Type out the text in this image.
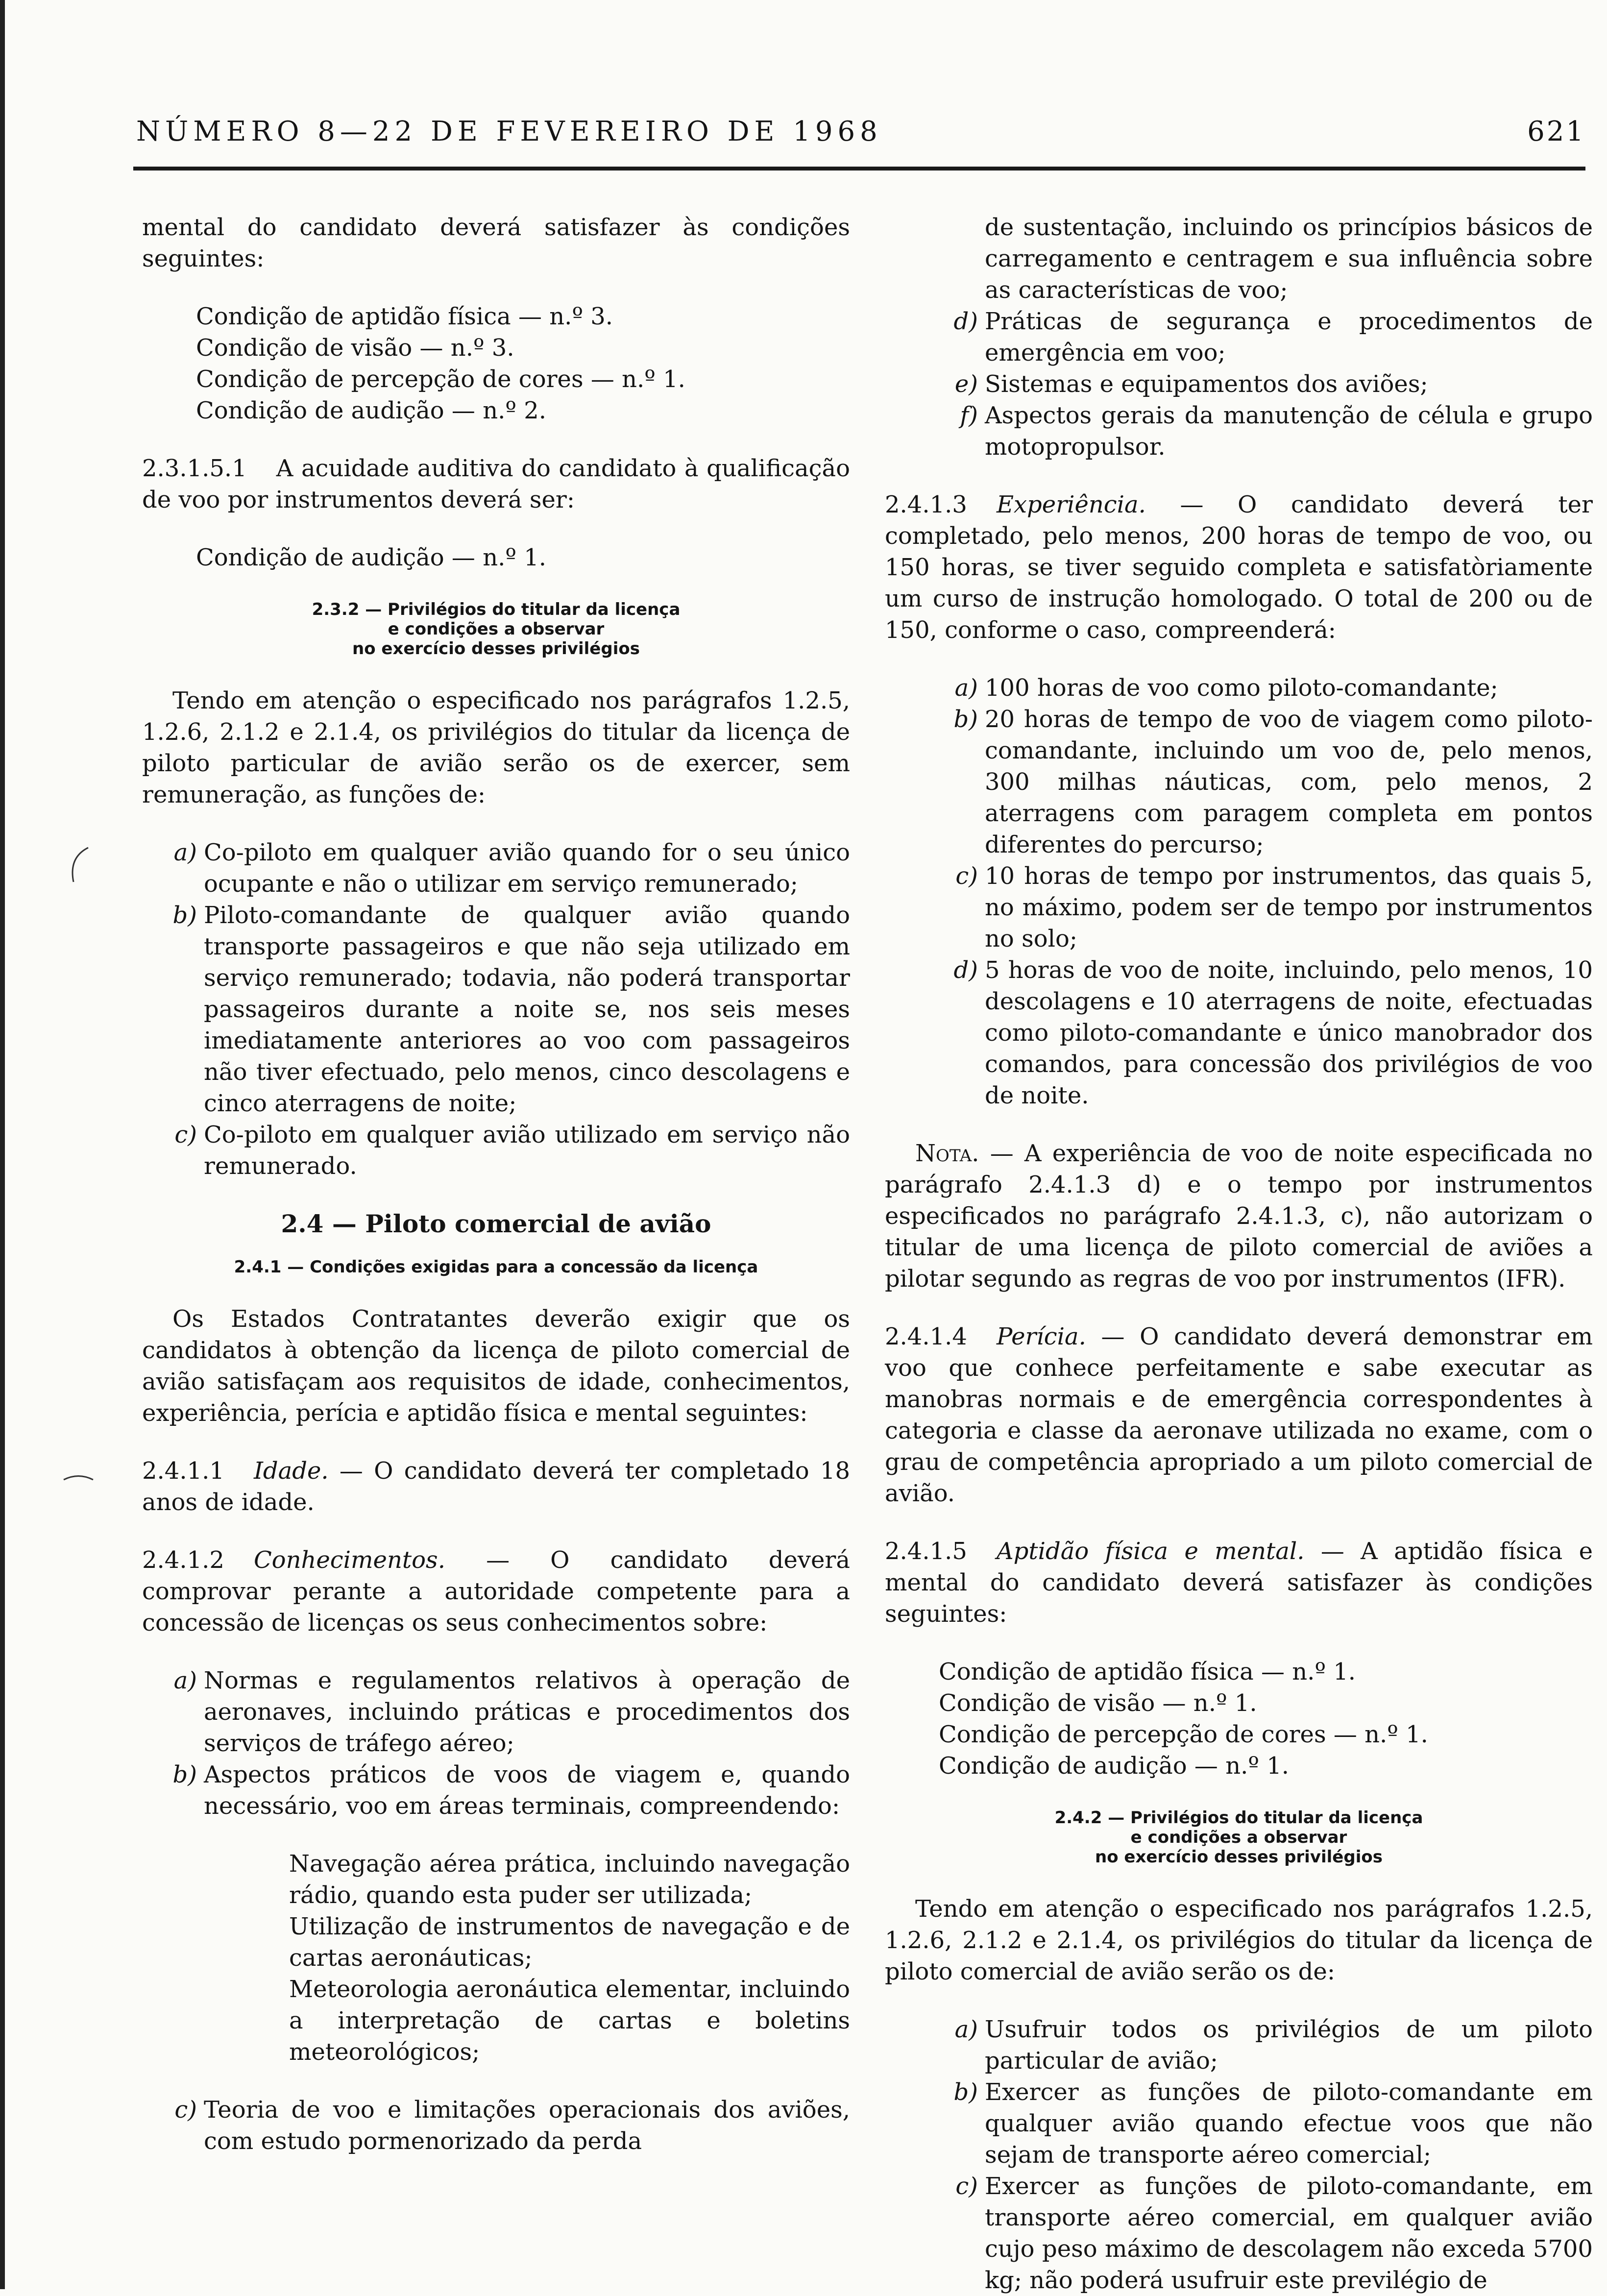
NÚMERO 8—22 DE FEVEREIRO DE 1968	621

mental do candidato deverá satisfazer às condições seguintes:

Condição de aptidão física — n.º 3.
Condição de visão — n.º 3.
Condição de percepção de cores — n.º 1.
Condição de audição — n.º 2.

2.3.1.5.1 A acuidade auditiva do candidato à qualificação de voo por instrumentos deverá ser:

Condição de audição — n.º 1.
2.3.2 — Privilégios do titular da licença
e condições a observar
no exercício desses privilégios

Tendo em atenção o especificado nos parágrafos 1.2.5, 1.2.6, 2.1.2 e 2.1.4, os privilégios do titular da licença de piloto particular de avião serão os de exercer, sem remuneração, as funções de:

a) Co-piloto em qualquer avião quando for o seu único ocupante e não o utilizar em serviço remunerado;
b) Piloto-comandante de qualquer avião quando transporte passageiros e que não seja utilizado em serviço remunerado; todavia, não poderá transportar passageiros durante a noite se, nos seis meses imediatamente anteriores ao voo com passageiros não tiver efectuado, pelo menos, cinco descolagens e cinco aterragens de noite;
c) Co-piloto em qualquer avião utilizado em serviço não remunerado.
2.4 — Piloto comercial de avião
2.4.1 — Condições exigidas para a concessão da licença

Os Estados Contratantes deverão exigir que os candidatos à obtenção da licença de piloto comercial de avião satisfaçam aos requisitos de idade, conhecimentos, experiência, perícia e aptidão física e mental seguintes:

2.4.1.1 Idade. — O candidato deverá ter completado 18 anos de idade.

2.4.1.2 Conhecimentos. — O candidato deverá comprovar perante a autoridade competente para a concessão de licenças os seus conhecimentos sobre:

a) Normas e regulamentos relativos à operação de aeronaves, incluindo práticas e procedimentos dos serviços de tráfego aéreo;
b) Aspectos práticos de voos de viagem e, quando necessário, voo em áreas terminais, compreendendo:

Navegação aérea prática, incluindo navegação rádio, quando esta puder ser utilizada;

Utilização de instrumentos de navegação e de cartas aeronáuticas;

Meteorologia aeronáutica elementar, incluindo a interpretação de cartas e boletins meteorológicos;

c) Teoria de voo e limitações operacionais dos aviões, com estudo pormenorizado da perda
de sustentação, incluindo os princípios básicos de carregamento e centragem e sua influência sobre as características de voo;
d) Práticas de segurança e procedimentos de emergência em voo;
e) Sistemas e equipamentos dos aviões;
f) Aspectos gerais da manutenção de célula e grupo motopropulsor.

2.4.1.3 Experiência. — O candidato deverá ter completado, pelo menos, 200 horas de tempo de voo, ou 150 horas, se tiver seguido completa e satisfatòriamente um curso de instrução homologado. O total de 200 ou de 150, conforme o caso, compreenderá:

a) 100 horas de voo como piloto-comandante;
b) 20 horas de tempo de voo de viagem como piloto-comandante, incluindo um voo de, pelo menos, 300 milhas náuticas, com, pelo menos, 2 aterragens com paragem completa em pontos diferentes do percurso;
c) 10 horas de tempo por instrumentos, das quais 5, no máximo, podem ser de tempo por instrumentos no solo;
d) 5 horas de voo de noite, incluindo, pelo menos, 10 descolagens e 10 aterragens de noite, efectuadas como piloto-comandante e único manobrador dos comandos, para concessão dos privilégios de voo de noite.

Nota. — A experiência de voo de noite especificada no parágrafo 2.4.1.3 d) e o tempo por instrumentos especificados no parágrafo 2.4.1.3, c), não autorizam o titular de uma licença de piloto comercial de aviões a pilotar segundo as regras de voo por instrumentos (IFR).

2.4.1.4 Perícia. — O candidato deverá demonstrar em voo que conhece perfeitamente e sabe executar as manobras normais e de emergência correspondentes à categoria e classe da aeronave utilizada no exame, com o grau de competência apropriado a um piloto comercial de avião.

2.4.1.5 Aptidão física e mental. — A aptidão física e mental do candidato deverá satisfazer às condições seguintes:

Condição de aptidão física — n.º 1.
Condição de visão — n.º 1.
Condição de percepção de cores — n.º 1.
Condição de audição — n.º 1.
2.4.2 — Privilégios do titular da licença
e condições a observar
no exercício desses privilégios

Tendo em atenção o especificado nos parágrafos 1.2.5, 1.2.6, 2.1.2 e 2.1.4, os privilégios do titular da licença de piloto comercial de avião serão os de:

a) Usufruir todos os privilégios de um piloto particular de avião;
b) Exercer as funções de piloto-comandante em qualquer avião quando efectue voos que não sejam de transporte aéreo comercial;
c) Exercer as funções de piloto-comandante, em transporte aéreo comercial, em qualquer avião cujo peso máximo de descolagem não exceda 5700 kg; não poderá usufruir este previlégio de
